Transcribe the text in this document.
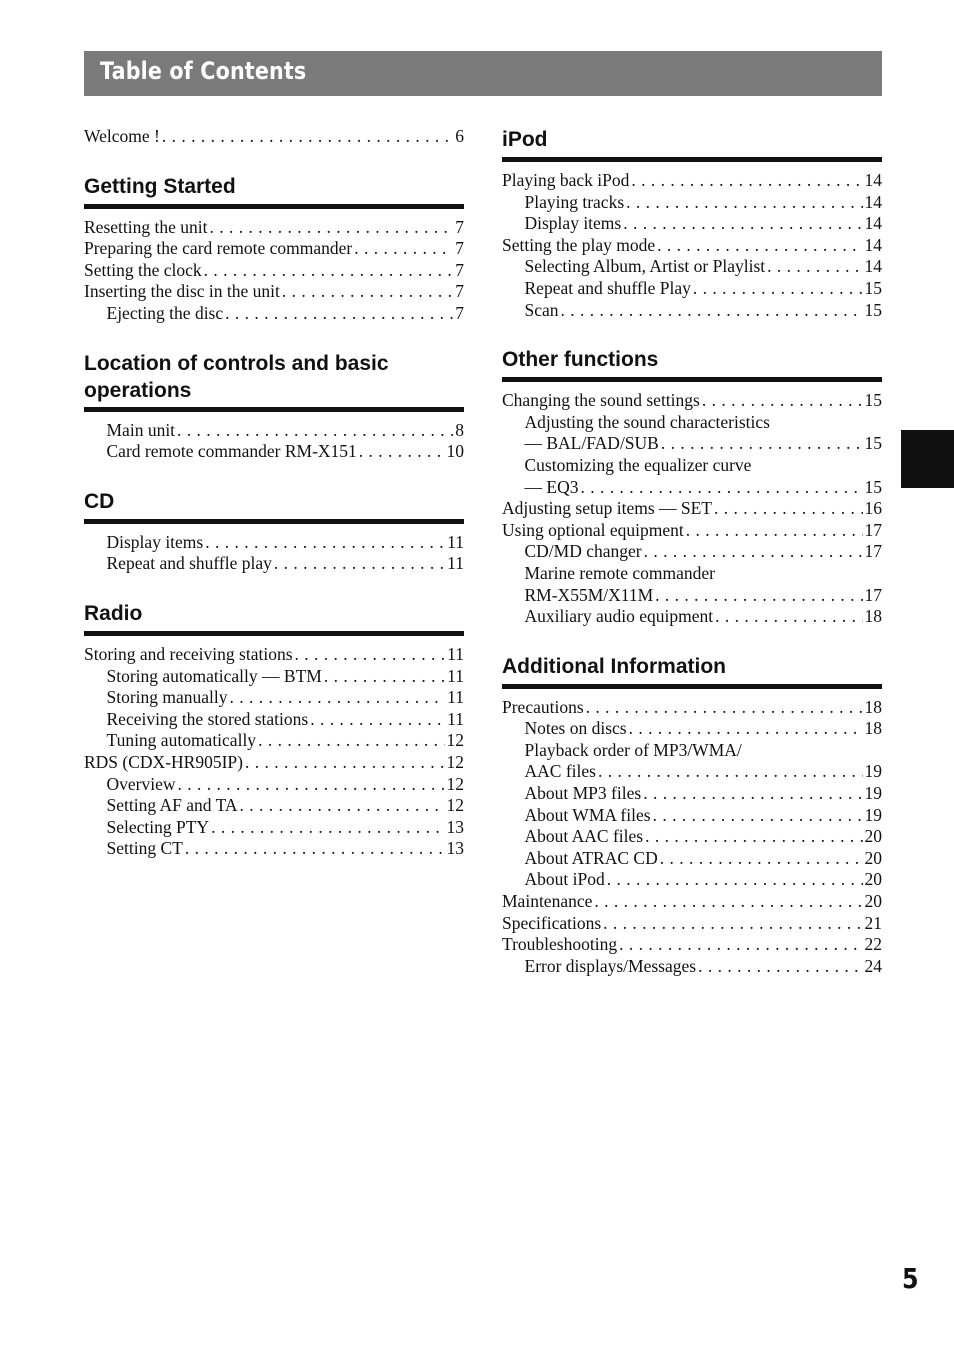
Table of Contents
Welcome ! . . .	6
Getting Started
Resetting the unit . . .	7
Preparing the card remote commander . . .	7
Setting the clock . . .	7
Inserting the disc in the unit . . .	7
Ejecting the disc . . .	7
Location of controls and basic operations
Main unit . . .	8
Card remote commander RM-X151 . . .	10
CD
Display items . . .	11
Repeat and shuffle play . . .	11
Radio
Storing and receiving stations . . .	11
Storing automatically — BTM . . .	11
Storing manually . . .	11
Receiving the stored stations . . .	11
Tuning automatically . . .	12
RDS (CDX-HR905IP) . . .	12
Overview . . .	12
Setting AF and TA . . .	12
Selecting PTY . . .	13
Setting CT . . .	13
iPod
Playing back iPod . . .	14
Playing tracks . . .	14
Display items . . .	14
Setting the play mode . . .	14
Selecting Album, Artist or Playlist . . .	14
Repeat and shuffle Play . . .	15
Scan . . .	15
Other functions
Changing the sound settings . . .	15
Adjusting the sound characteristics
— BAL/FAD/SUB . . .	15
Customizing the equalizer curve
— EQ3 . . .	15
Adjusting setup items — SET . . .	16
Using optional equipment . . .	17
CD/MD changer . . .	17
Marine remote commander
RM-X55M/X11M . . .	17
Auxiliary audio equipment . . .	18
Additional Information
Precautions . . .	18
Notes on discs . . .	18
Playback order of MP3/WMA/
AAC files . . .	19
About MP3 files . . .	19
About WMA files . . .	19
About AAC files . . .	20
About ATRAC CD . . .	20
About iPod . . .	20
Maintenance . . .	20
Specifications . . .	21
Troubleshooting . . .	22
Error displays/Messages . . .	24
5
